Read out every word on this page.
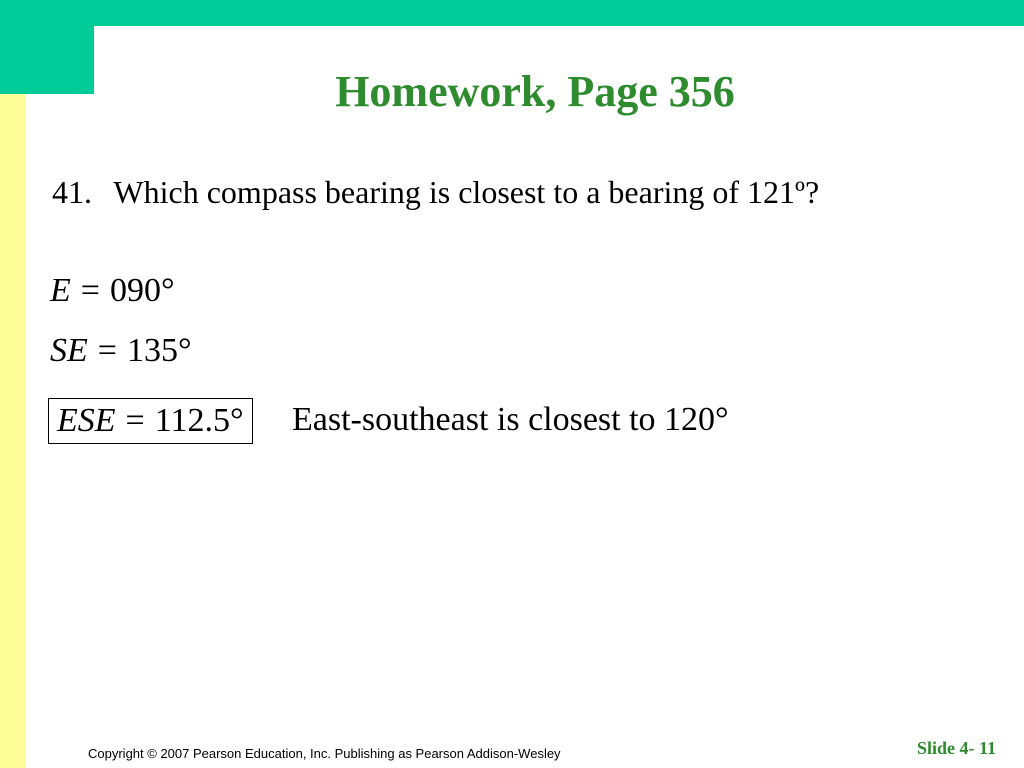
Homework, Page 356
41. Which compass bearing is closest to a bearing of 121º?
E = 090°
SE = 135°
ESE = 112.5° East-southeast is closest to 120°
Copyright © 2007 Pearson Education, Inc. Publishing as Pearson Addison-Wesley	Slide 4- 11
